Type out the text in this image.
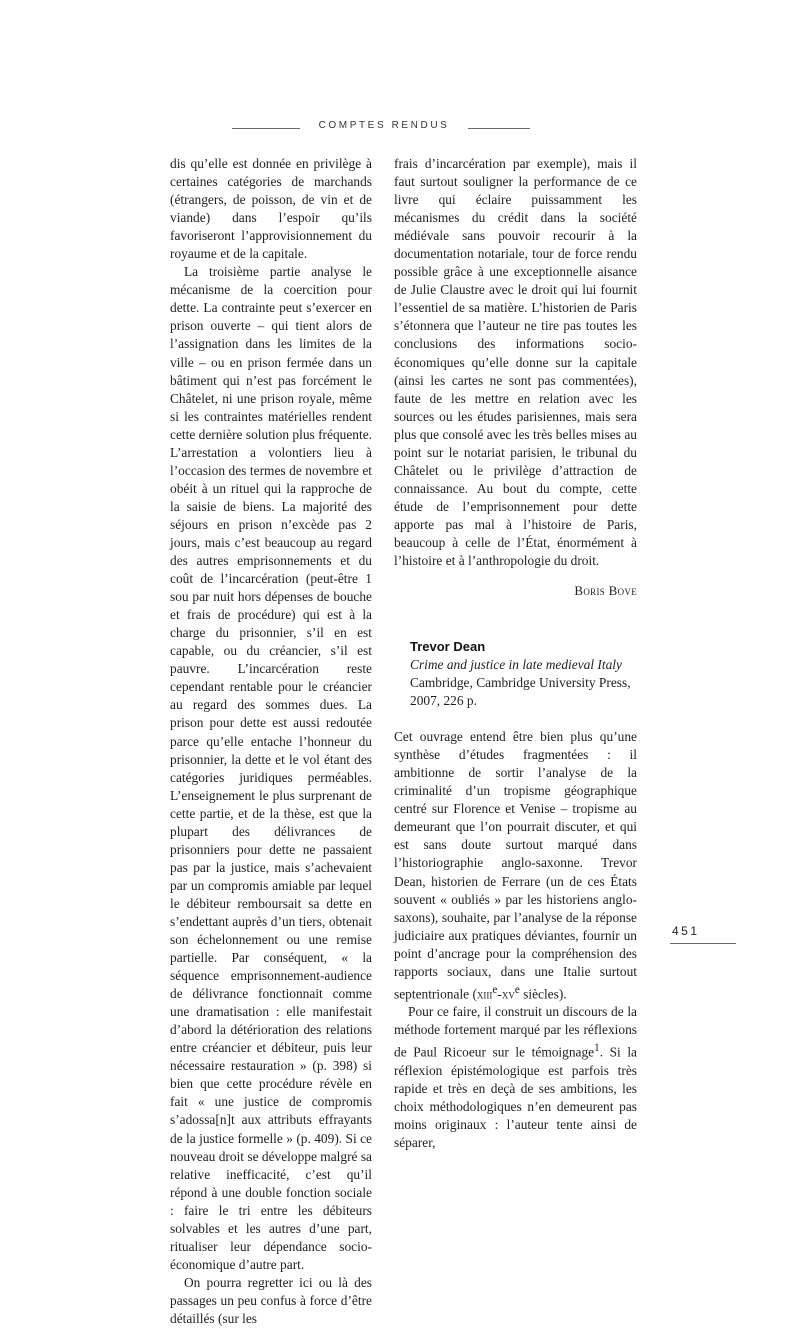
COMPTES RENDUS

dis qu’elle est donnée en privilège à certaines catégories de marchands (étrangers, de poisson, de vin et de viande) dans l’espoir qu’ils favoriseront l’approvisionnement du royaume et de la capitale.

La troisième partie analyse le mécanisme de la coercition pour dette. La contrainte peut s’exercer en prison ouverte – qui tient alors de l’assignation dans les limites de la ville – ou en prison fermée dans un bâtiment qui n’est pas forcément le Châtelet, ni une prison royale, même si les contraintes matérielles rendent cette dernière solution plus fréquente. L’arrestation a volontiers lieu à l’occasion des termes de novembre et obéit à un rituel qui la rapproche de la saisie de biens. La majorité des séjours en prison n’excède pas 2 jours, mais c’est beaucoup au regard des autres emprisonnements et du coût de l’incarcération (peut-être 1 sou par nuit hors dépenses de bouche et frais de procédure) qui est à la charge du prisonnier, s’il en est capable, ou du créancier, s’il est pauvre. L’incarcération reste cependant rentable pour le créancier au regard des sommes dues. La prison pour dette est aussi redoutée parce qu’elle entache l’honneur du prisonnier, la dette et le vol étant des catégories juridiques perméables. L’enseignement le plus surprenant de cette partie, et de la thèse, est que la plupart des délivrances de prisonniers pour dette ne passaient pas par la justice, mais s’achevaient par un compromis amiable par lequel le débiteur remboursait sa dette en s’endettant auprès d’un tiers, obtenait son échelonnement ou une remise partielle. Par conséquent, « la séquence emprisonnement-audience de délivrance fonctionnait comme une dramatisation : elle manifestait d’abord la détérioration des relations entre créancier et débiteur, puis leur nécessaire restauration » (p. 398) si bien que cette procédure révèle en fait « une justice de compromis s’adossa[n]t aux attributs effrayants de la justice formelle » (p. 409). Si ce nouveau droit se développe malgré sa relative inefficacité, c’est qu’il répond à une double fonction sociale : faire le tri entre les débiteurs solvables et les autres d’une part, ritualiser leur dépendance socio-économique d’autre part.

On pourra regretter ici ou là des passages un peu confus à force d’être détaillés (sur les

frais d’incarcération par exemple), mais il faut surtout souligner la performance de ce livre qui éclaire puissamment les mécanismes du crédit dans la société médiévale sans pouvoir recourir à la documentation notariale, tour de force rendu possible grâce à une exceptionnelle aisance de Julie Claustre avec le droit qui lui fournit l’essentiel de sa matière. L’historien de Paris s’étonnera que l’auteur ne tire pas toutes les conclusions des informations socio-économiques qu’elle donne sur la capitale (ainsi les cartes ne sont pas commentées), faute de les mettre en relation avec les sources ou les études parisiennes, mais sera plus que consolé avec les très belles mises au point sur le notariat parisien, le tribunal du Châtelet ou le privilège d’attraction de connaissance. Au bout du compte, cette étude de l’emprisonnement pour dette apporte pas mal à l’histoire de Paris, beaucoup à celle de l’État, énormément à l’histoire et à l’anthropologie du droit.

Boris Bove
Trevor Dean
Crime and justice in late medieval Italy
Cambridge, Cambridge University Press,
2007, 226 p.

Cet ouvrage entend être bien plus qu’une synthèse d’études fragmentées : il ambitionne de sortir l’analyse de la criminalité d’un tropisme géographique centré sur Florence et Venise – tropisme au demeurant que l’on pourrait discuter, et qui est sans doute surtout marqué dans l’historiographie anglo-saxonne. Trevor Dean, historien de Ferrare (un de ces États souvent « oubliés » par les historiens anglo-saxons), souhaite, par l’analyse de la réponse judiciaire aux pratiques déviantes, fournir un point d’ancrage pour la compréhension des rapports sociaux, dans une Italie surtout septentrionale ($xiii^e-xv^e$ siècles).

Pour ce faire, il construit un discours de la méthode fortement marqué par les réflexions de Paul Ricoeur sur le témoignage$^1$. Si la réflexion épistémologique est parfois très rapide et très en deçà de ses ambitions, les choix méthodologiques n’en demeurent pas moins originaux : l’auteur tente ainsi de séparer,

451
